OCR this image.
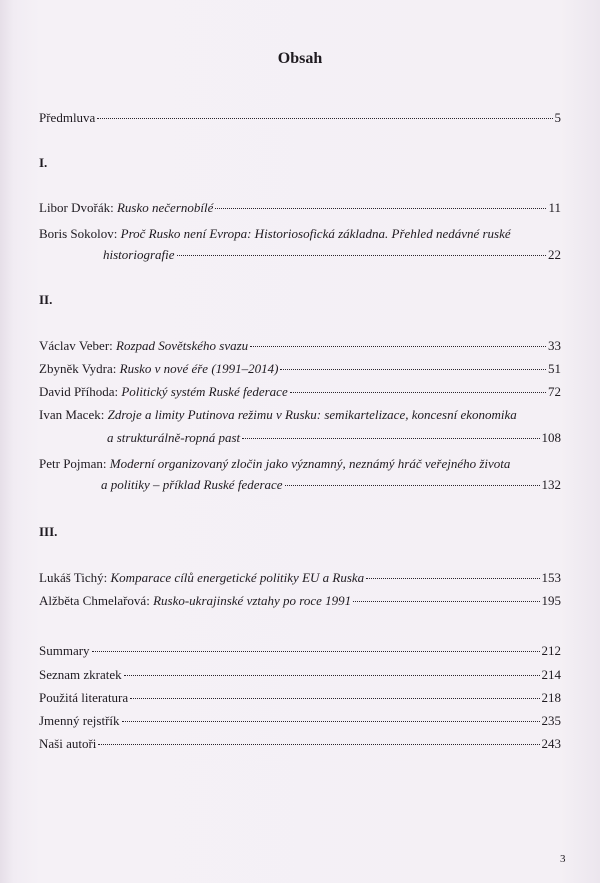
Obsah
Předmluva	5
I.
Libor Dvořák:
Rusko nečernobílé	11
Boris Sokolov: Proč Rusko není Evropa: Historiosofická základna. Přehled nedávné ruské
historiografie	22
II.
Václav Veber:
Rozpad Sovětského svazu	33
Zbyněk Vydra:
Rusko v nové éře (1991–2014)	51
David Příhoda:
Politický systém Ruské federace	72
Ivan Macek: Zdroje a limity Putinova režimu v Rusku: semikartelizace, koncesní ekonomika
a strukturálně-ropná past	108
Petr Pojman: Moderní organizovaný zločin jako významný, neznámý hráč veřejného života
a politiky – příklad Ruské federace	132
III.
Lukáš Tichý:
Komparace cílů energetické politiky EU a Ruska	153
Alžběta Chmelařová:
Rusko-ukrajinské vztahy po roce 1991	195
Summary	212
Seznam zkratek	214
Použitá literatura	218
Jmenný rejstřík	235
Naši autoři	243
3
